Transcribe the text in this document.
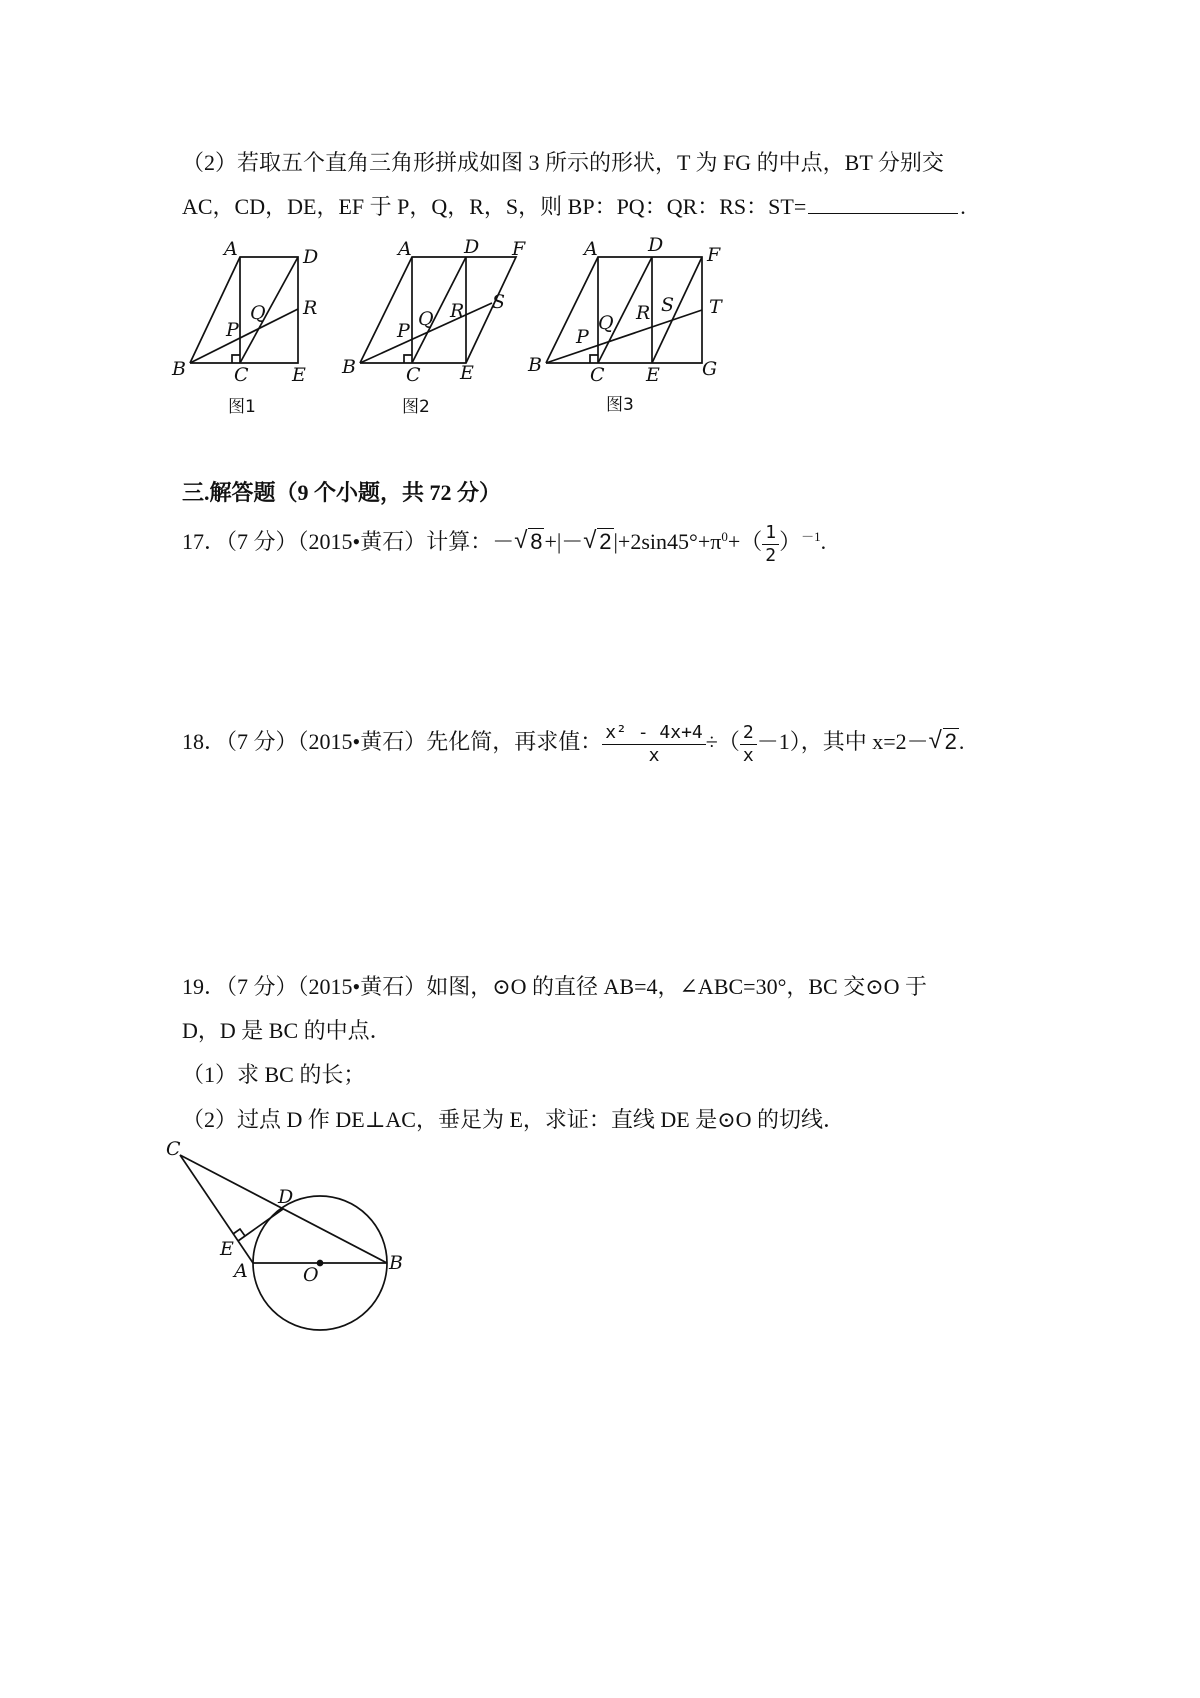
（2）若取五个直角三角形拼成如图 3 所示的形状，T 为 FG 的中点，BT 分别交
AC，CD，DE，EF 于 P，Q，R，S，则 BP：PQ：QR：RS：ST=	.
A	D
R
Q
P
B	C E
图1
A	D F
S
R
Q
P
B	C E
图2
A	D F
T
S
R
Q
P
B	C E G
图3
三.解答题（9 个小题，共 72 分）
17．（7 分）（2015•黄石）计算：－ √ 8+|－ √ $2|+2\sin 45^\circ+\pi^0+( \frac{1}{2} )^{-1}$.
18．（7 分）（2015•黄石）先化简，再求值： $\frac{\text{x² - 4x+4}}{x}$ ÷（ $\frac{2}{x} -1$），其中 x=2－ √ 2.
19．（7 分）（2015•黄石）如图，⊙O 的直径 AB=4，∠ABC=30°，BC 交⊙O 于
D，D 是 BC 的中点．
（1）求 BC 的长；
（2）过点 D 作 DE⊥AC，垂足为 E，求证：直线 DE 是⊙O 的切线．
C
D
E
A	O
B
